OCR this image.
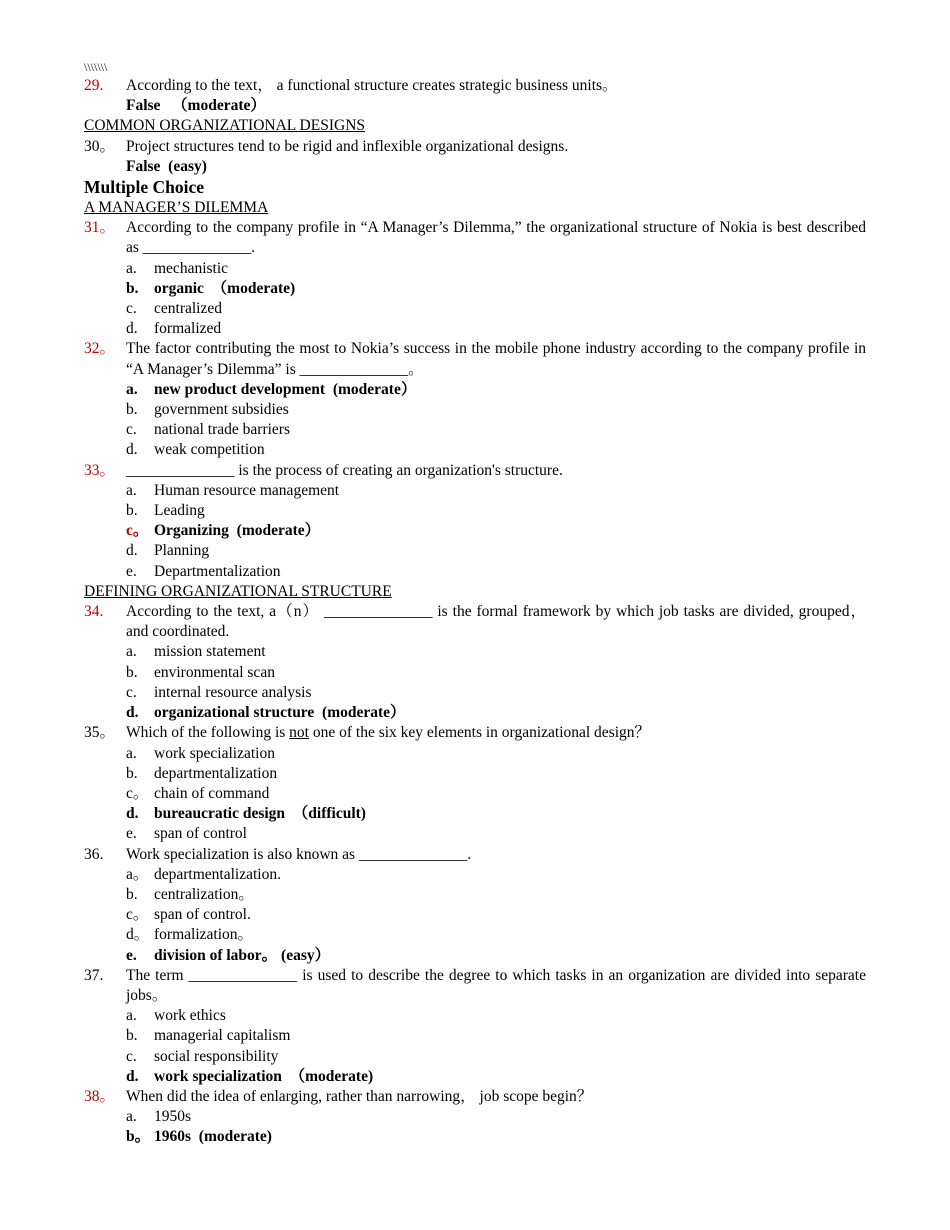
\\\\\\\
29.	According to the text， a functional structure creates strategic business units。
False   （moderate）
COMMON ORGANIZATIONAL DESIGNS
30。 Project structures tend to be rigid and inflexible organizational designs.
False  (easy)
Multiple Choice
A MANAGER’S DILEMMA
31。 According to the company profile in “A Manager’s Dilemma,” the organizational structure of Nokia is best described as ______________.
a.	mechanistic
b.	organic  （moderate)
c.	centralized
d.	formalized
32。 The factor contributing the most to Nokia’s success in the mobile phone industry according to the company profile in “A Manager’s Dilemma” is ______________。
a.	new product development  (moderate）
b.	government subsidies
c.	national trade barriers
d.	weak competition
33。 ______________ is the process of creating an organization's structure.
a.	Human resource management
b.	Leading
c。 Organizing  (moderate）
d.	Planning
e.	Departmentalization
DEFINING ORGANIZATIONAL STRUCTURE
34.	According to the text, a（n） ______________ is the formal framework by which job tasks are divided, grouped， and coordinated.
a.	mission statement
b.	environmental scan
c.	internal resource analysis
d.	organizational structure  (moderate）
35。 Which of the following is not one of the six key elements in organizational design？
a.	work specialization
b.	departmentalization
c。 chain of command
d.	bureaucratic design  （difficult)
e.	span of control
36.	Work specialization is also known as ______________.
a。 departmentalization.
b.	centralization。
c。 span of control.
d。 formalization。
e.	division of labor。 (easy）
37.	The term ______________ is used to describe the degree to which tasks in an organization are divided into separate jobs。
a.	work ethics
b.	managerial capitalism
c.	social responsibility
d.	work specialization  （moderate)
38。 When did the idea of enlarging, rather than narrowing， job scope begin？
a.	1950s
b。 1960s  (moderate)
